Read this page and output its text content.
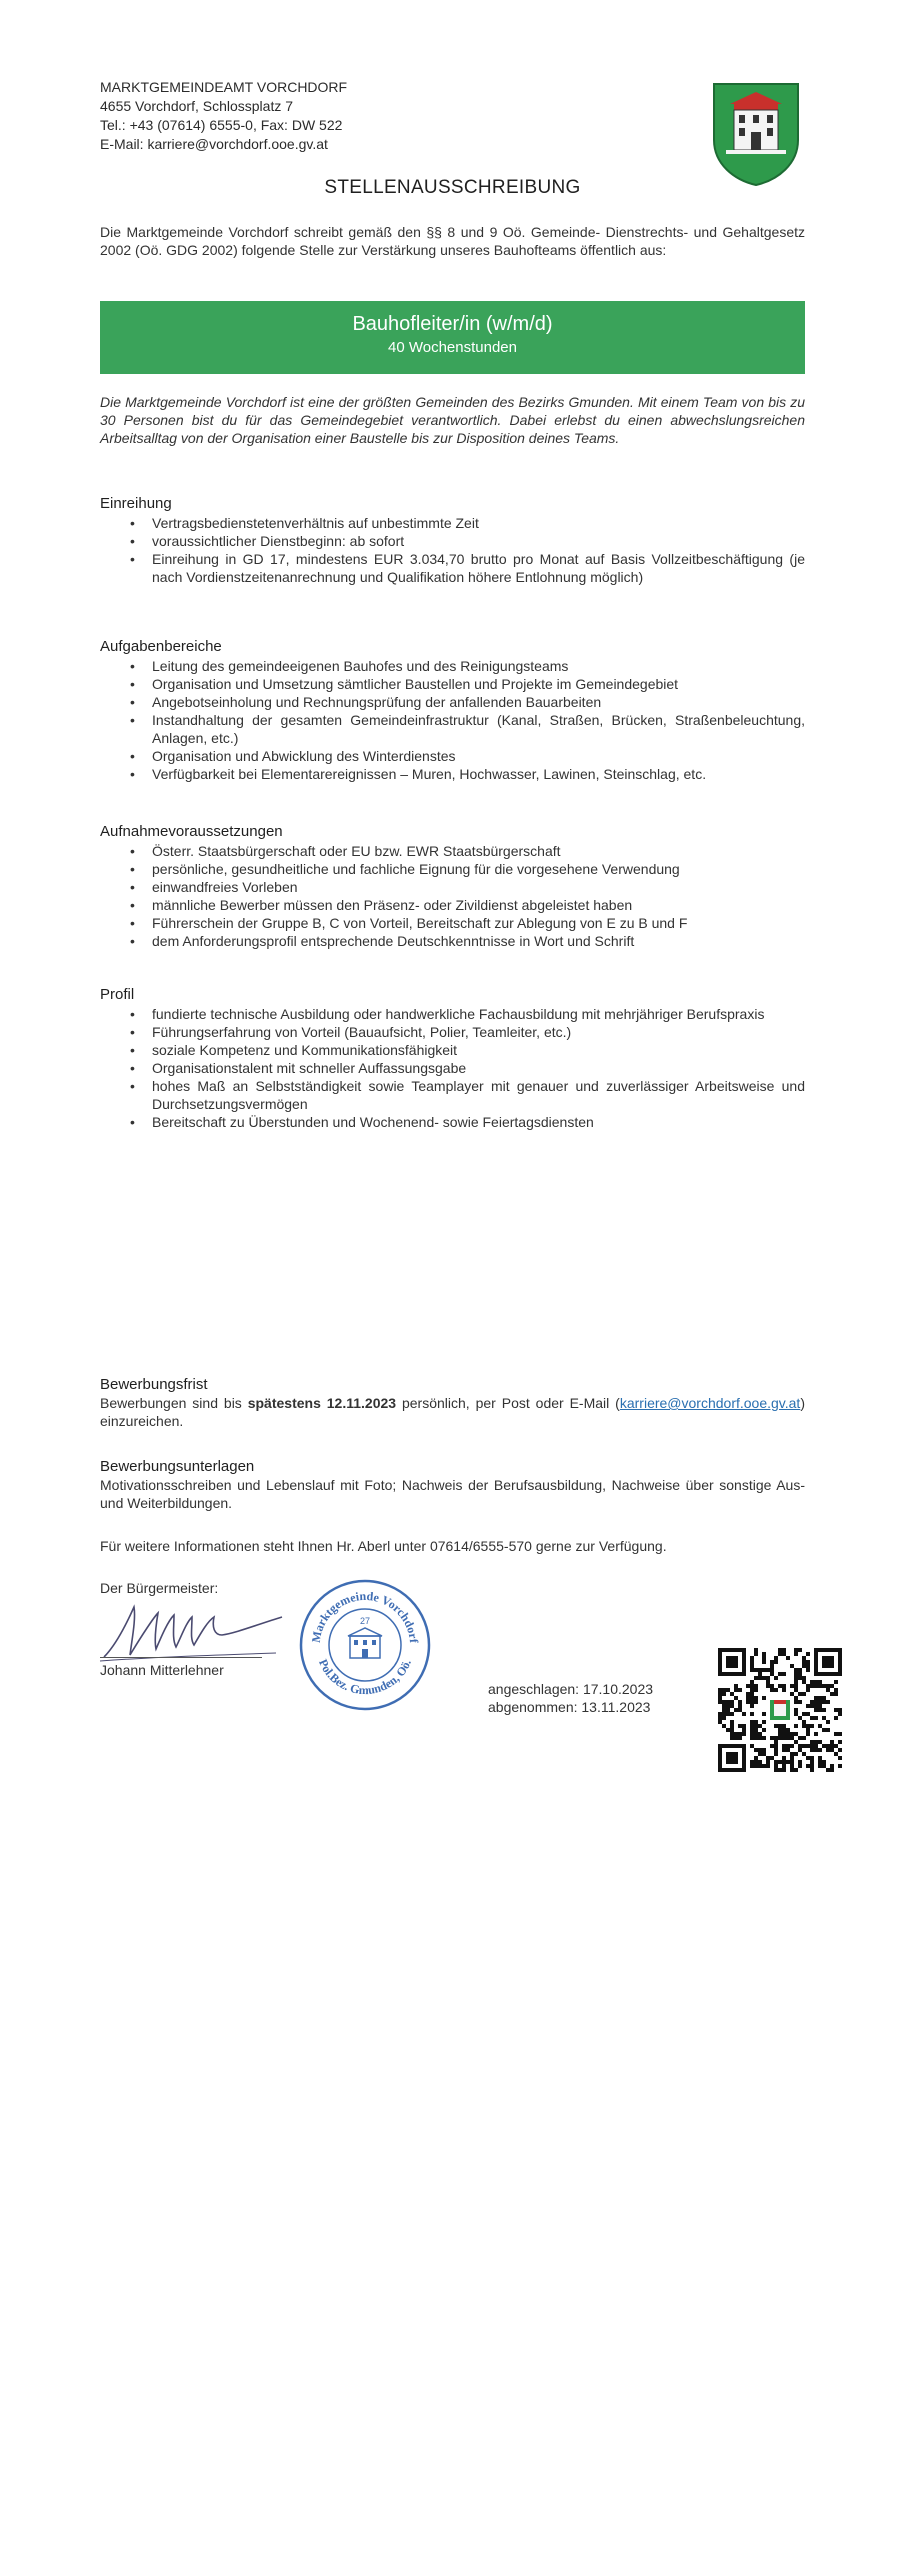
MARKTGEMEINDEAMT VORCHDORF
4655 Vorchdorf, Schlossplatz 7
Tel.: +43 (07614) 6555-0, Fax: DW 522
E-Mail: karriere@vorchdorf.ooe.gv.at
STELLENAUSSCHREIBUNG
Die Marktgemeinde Vorchdorf schreibt gemäß den §§ 8 und 9 Oö. Gemeinde- Dienstrechts- und Gehaltgesetz 2002 (Oö. GDG 2002) folgende Stelle zur Verstärkung unseres Bauhofteams öffentlich aus:
Bauhofleiter/in (w/m/d)
40 Wochenstunden
Die Marktgemeinde Vorchdorf ist eine der größten Gemeinden des Bezirks Gmunden. Mit einem Team von bis zu 30 Personen bist du für das Gemeindegebiet verantwortlich. Dabei erlebst du einen abwechslungsreichen Arbeitsalltag von der Organisation einer Baustelle bis zur Disposition deines Teams.
Einreihung
• Vertragsbedienstetenverhältnis auf unbestimmte Zeit
• voraussichtlicher Dienstbeginn: ab sofort
• Einreihung in GD 17, mindestens EUR 3.034,70 brutto pro Monat auf Basis Vollzeitbeschäftigung (je nach Vordienstzeitenanrechnung und Qualifikation höhere Entlohnung möglich)
Aufgabenbereiche
• Leitung des gemeindeeigenen Bauhofes und des Reinigungsteams
• Organisation und Umsetzung sämtlicher Baustellen und Projekte im Gemeindegebiet
• Angebotseinholung und Rechnungsprüfung der anfallenden Bauarbeiten
• Instandhaltung der gesamten Gemeindeinfrastruktur (Kanal, Straßen, Brücken, Straßenbeleuchtung, Anlagen, etc.)
• Organisation und Abwicklung des Winterdienstes
• Verfügbarkeit bei Elementarereignissen – Muren, Hochwasser, Lawinen, Steinschlag, etc.
Aufnahmevoraussetzungen
• Österr. Staatsbürgerschaft oder EU bzw. EWR Staatsbürgerschaft
• persönliche, gesundheitliche und fachliche Eignung für die vorgesehene Verwendung
• einwandfreies Vorleben
• männliche Bewerber müssen den Präsenz- oder Zivildienst abgeleistet haben
• Führerschein der Gruppe B, C von Vorteil, Bereitschaft zur Ablegung von E zu B und F
• dem Anforderungsprofil entsprechende Deutschkenntnisse in Wort und Schrift
Profil
• fundierte technische Ausbildung oder handwerkliche Fachausbildung mit mehrjähriger Berufspraxis
• Führungserfahrung von Vorteil (Bauaufsicht, Polier, Teamleiter, etc.)
• soziale Kompetenz und Kommunikationsfähigkeit
• Organisationstalent mit schneller Auffassungsgabe
• hohes Maß an Selbstständigkeit sowie Teamplayer mit genauer und zuverlässiger Arbeitsweise und Durchsetzungsvermögen
• Bereitschaft zu Überstunden und Wochenend- sowie Feiertagsdiensten
Bewerbungsfrist
Bewerbungen sind bis spätestens 12.11.2023 persönlich, per Post oder E-Mail (karriere@vorchdorf.ooe.gv.at) einzureichen.
Bewerbungsunterlagen
Motivationsschreiben und Lebenslauf mit Foto; Nachweis der Berufsausbildung, Nachweise über sonstige Aus- und Weiterbildungen.
Für weitere Informationen steht Ihnen Hr. Aberl unter 07614/6555-570 gerne zur Verfügung.
Der Bürgermeister:
Johann Mitterlehner
Marktgemeinde Vorchdorf
Pol.Bez. Gmunden, Oö.
27
angeschlagen: 17.10.2023
abgenommen: 13.11.2023
